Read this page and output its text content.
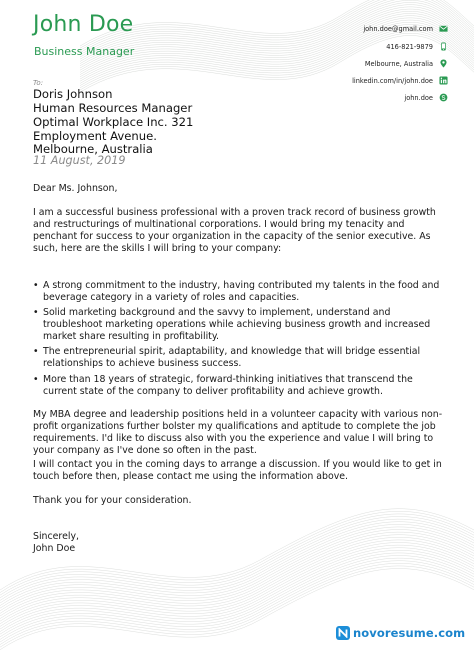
John Doe
Business Manager
john.doe@gmail.com
416-821-9879
Melbourne, Australia
linkedin.com/in/john.doe
john.doe
To:
Doris Johnson
Human Resources Manager
Optimal Workplace Inc. 321
Employment Avenue.
Melbourne, Australia
11 August, 2019
Dear Ms. Johnson,
I am a successful business professional with a proven track record of business growth and restructurings of multinational corporations. I would bring my tenacity and penchant for success to your organization in the capacity of the senior executive. As such, here are the skills I will bring to your company:
• A strong commitment to the industry, having contributed my talents in the food and beverage category in a variety of roles and capacities.
• Solid marketing background and the savvy to implement, understand and troubleshoot marketing operations while achieving business growth and increased market share resulting in profitability.
• The entrepreneurial spirit, adaptability, and knowledge that will bridge essential relationships to achieve business success.
• More than 18 years of strategic, forward-thinking initiatives that transcend the current state of the company to deliver profitability and achieve growth.
My MBA degree and leadership positions held in a volunteer capacity with various non-profit organizations further bolster my qualifications and aptitude to complete the job requirements. I'd like to discuss also with you the experience and value I will bring to your company as I've done so often in the past.
I will contact you in the coming days to arrange a discussion. If you would like to get in touch before then, please contact me using the information above.
Thank you for your consideration.
Sincerely,
John Doe
novoresume.com
